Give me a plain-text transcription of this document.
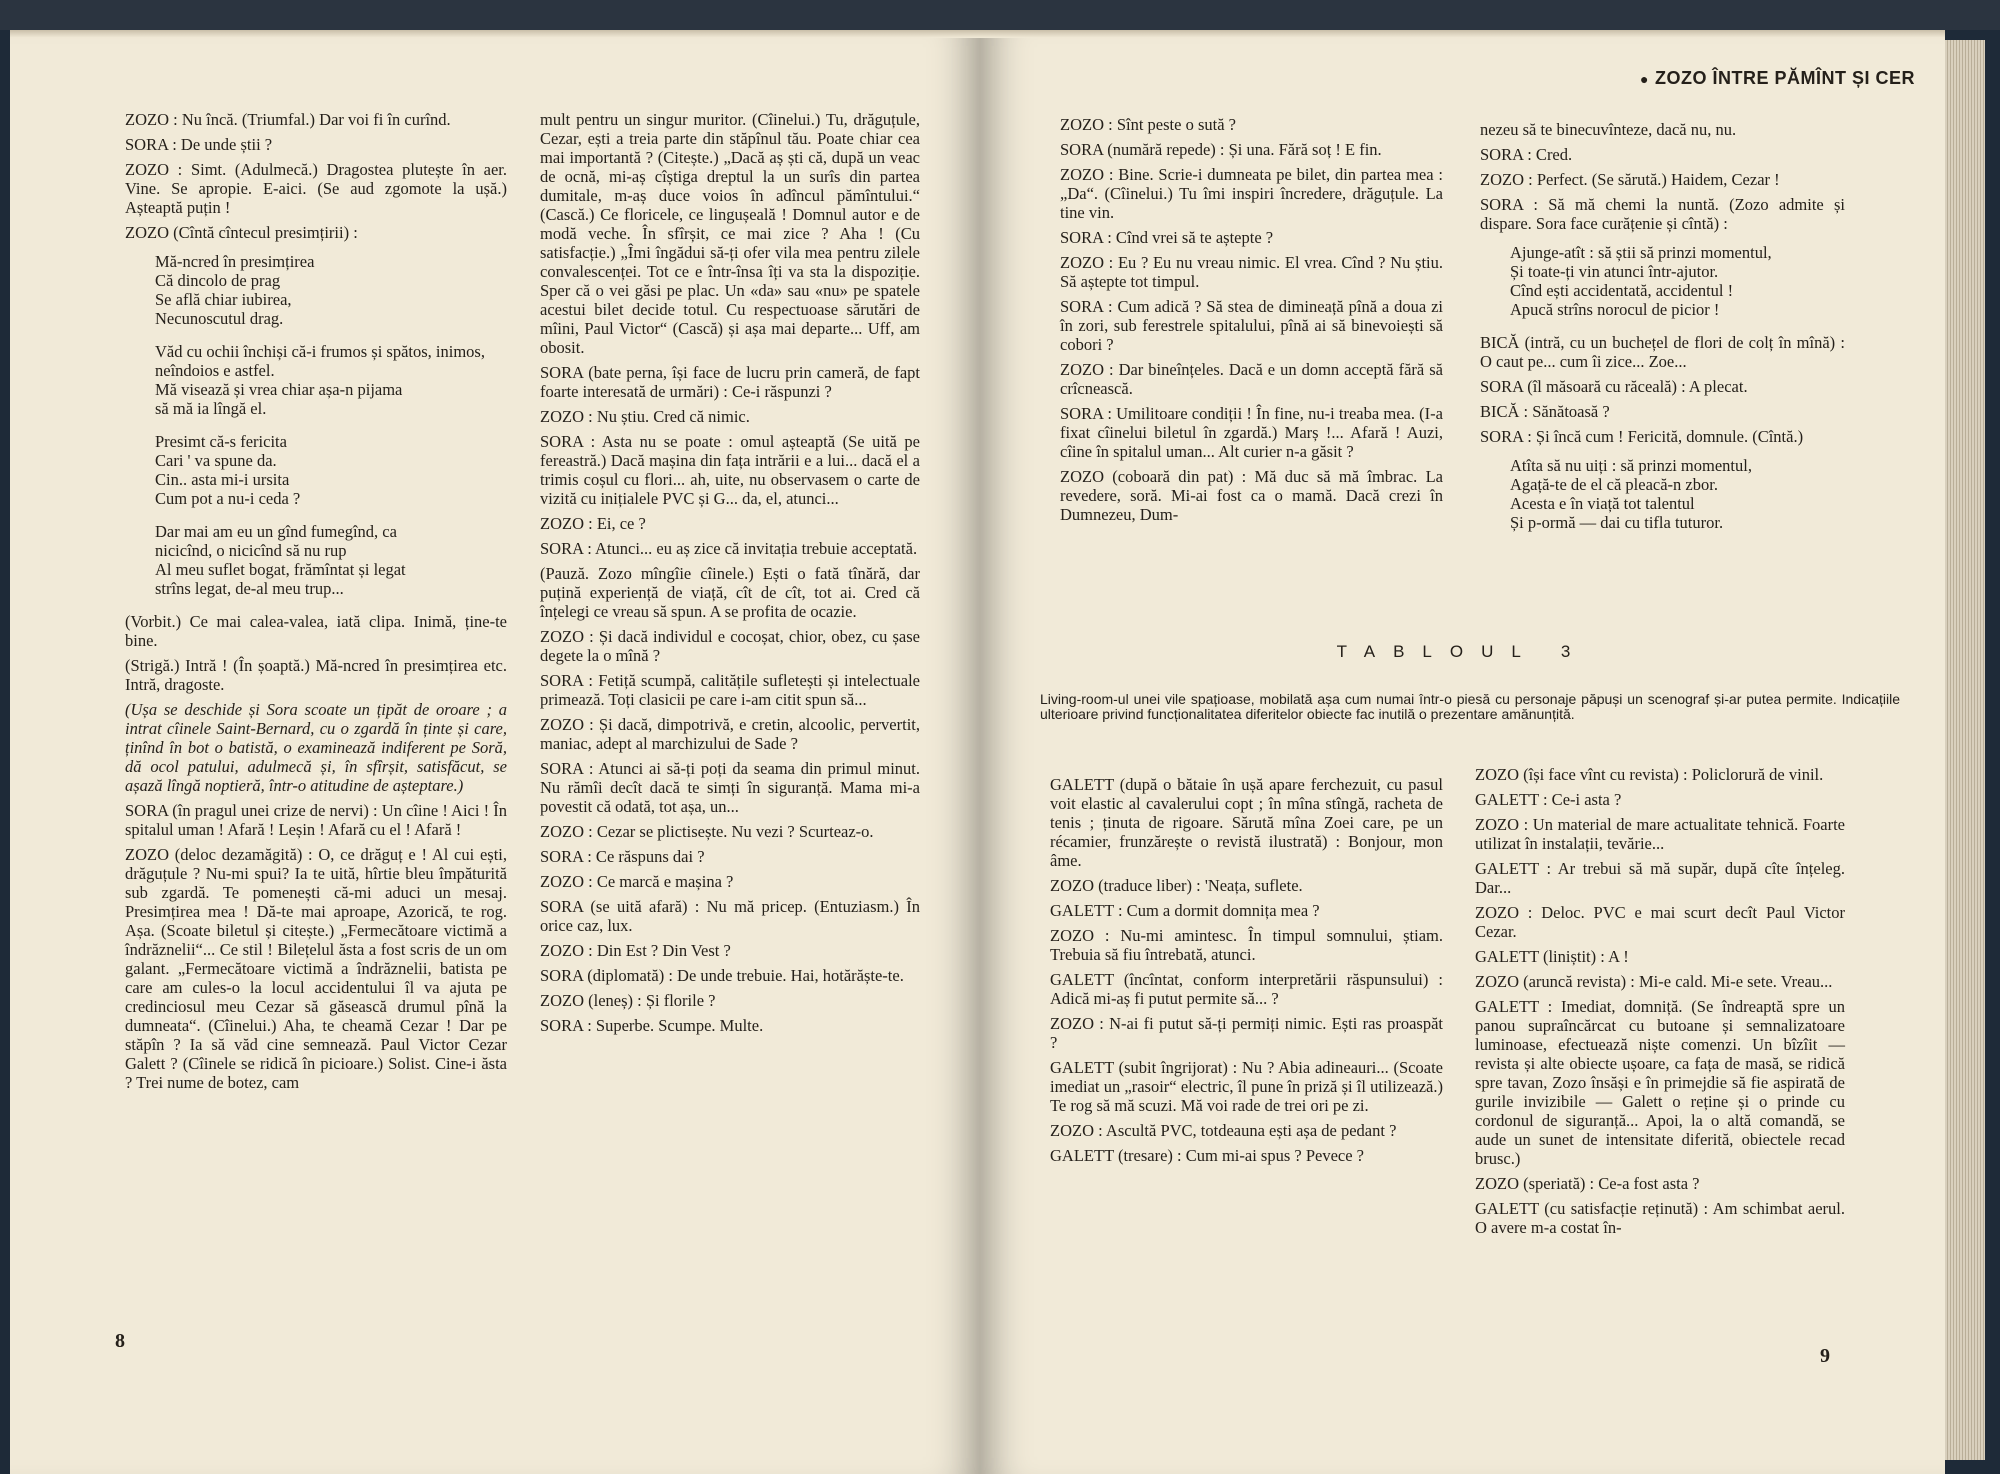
ZOZO : Nu încă. (Triumfal.) Dar voi fi în curînd.

SORA : De unde știi ?

ZOZO : Simt. (Adulmecă.) Dragostea plutește în aer. Vine. Se apropie. E-aici. (Se aud zgomote la ușă.) Așteaptă puțin !

ZOZO (Cîntă cîntecul presimțirii) :

Mă-ncred în presimțirea
Că dincolo de prag
Se află chiar iubirea,
Necunoscutul drag.
Văd cu ochii închiși că-i frumos și spătos, inimos, neîndoios e astfel.
Mă visează și vrea chiar așa-n pijama
să mă ia lîngă el.
Presimt că-s fericita
Cari ' va spune da.
Cin.. asta mi-i ursita
Cum pot a nu-i ceda ?
Dar mai am eu un gînd fumegînd, ca
nicicînd, o nicicînd să nu rup
Al meu suflet bogat, frămîntat și legat
strîns legat, de-al meu trup...

(Vorbit.) Ce mai calea-valea, iată clipa. Inimă, ține-te bine.

(Strigă.) Intră ! (În șoaptă.) Mă-ncred în presimțirea etc. Intră, dragoste.

(Ușa se deschide și Sora scoate un țipăt de oroare ; a intrat cîinele Saint-Bernard, cu o zgardă în ținte și care, ținînd în bot o batistă, o examinează indiferent pe Soră, dă ocol patului, adulmecă și, în sfîrșit, satisfăcut, se așază lîngă noptieră, într-o atitudine de așteptare.)

SORA (în pragul unei crize de nervi) : Un cîine ! Aici ! În spitalul uman ! Afară ! Leșin ! Afară cu el ! Afară !

ZOZO (deloc dezamăgită) : O, ce drăguț e ! Al cui ești, drăguțule ? Nu-mi spui? Ia te uită, hîrtie bleu împăturită sub zgardă. Te pomenești că-mi aduci un mesaj. Presimțirea mea ! Dă-te mai aproape, Azorică, te rog. Așa. (Scoate biletul și citește.) „Fermecătoare victimă a îndrăznelii“... Ce stil ! Bilețelul ăsta a fost scris de un om galant. „Fermecătoare victimă a îndrăznelii, batista pe care am cules-o la locul accidentului îl va ajuta pe credinciosul meu Cezar să găsească drumul pînă la dumneata“. (Cîinelui.) Aha, te cheamă Cezar ! Dar pe stăpîn ? Ia să văd cine semnează. Paul Victor Cezar Galett ? (Cîinele se ridică în picioare.) Solist. Cine-i ăsta ? Trei nume de botez, cam

mult pentru un singur muritor. (Cîinelui.) Tu, drăguțule, Cezar, ești a treia parte din stăpînul tău. Poate chiar cea mai importantă ? (Citește.) „Dacă aș ști că, după un veac de ocnă, mi-aș cîștiga dreptul la un surîs din partea dumitale, m-aș duce voios în adîncul pămîntului.“ (Cască.) Ce floricele, ce lingușeală ! Domnul autor e de modă veche. În sfîrșit, ce mai zice ? Aha ! (Cu satisfacție.) „Îmi îngădui să-ți ofer vila mea pentru zilele convalescenței. Tot ce e într-însa îți va sta la dispoziție. Sper că o vei găsi pe plac. Un «da» sau «nu» pe spatele acestui bilet decide totul. Cu respectuoase sărutări de mîini, Paul Victor“ (Cască) și așa mai departe... Uff, am obosit.

SORA (bate perna, își face de lucru prin cameră, de fapt foarte interesată de urmări) : Ce-i răspunzi ?

ZOZO : Nu știu. Cred că nimic.

SORA : Asta nu se poate : omul așteaptă (Se uită pe fereastră.) Dacă mașina din fața intrării e a lui... dacă el a trimis coșul cu flori... ah, uite, nu observasem o carte de vizită cu inițialele PVC și G... da, el, atunci...

ZOZO : Ei, ce ?

SORA : Atunci... eu aș zice că invitația trebuie acceptată.

(Pauză. Zozo mîngîie cîinele.) Ești o fată tînără, dar puțină experiență de viață, cît de cît, tot ai. Cred că înțelegi ce vreau să spun. A se profita de ocazie.

ZOZO : Și dacă individul e cocoșat, chior, obez, cu șase degete la o mînă ?

SORA : Fetiță scumpă, calitățile sufletești și intelectuale primează. Toți clasicii pe care i-am citit spun să...

ZOZO : Și dacă, dimpotrivă, e cretin, alcoolic, pervertit, maniac, adept al marchizului de Sade ?

SORA : Atunci ai să-ți poți da seama din primul minut. Nu rămîi decît dacă te simți în siguranță. Mama mi-a povestit că odată, tot așa, un...

ZOZO : Cezar se plictisește. Nu vezi ? Scurteaz-o.

SORA : Ce răspuns dai ?

ZOZO : Ce marcă e mașina ?

SORA (se uită afară) : Nu mă pricep. (Entuziasm.) În orice caz, lux.

ZOZO : Din Est ? Din Vest ?

SORA (diplomată) : De unde trebuie. Hai, hotărăște-te.

ZOZO (leneș) : Și florile ?

SORA : Superbe. Scumpe. Multe.

8
● ZOZO ÎNTRE PĂMÎNT ȘI CER

ZOZO : Sînt peste o sută ?

SORA (numără repede) : Și una. Fără soț ! E fin.

ZOZO : Bine. Scrie-i dumneata pe bilet, din partea mea : „Da“. (Cîinelui.) Tu îmi inspiri încredere, drăguțule. La tine vin.

SORA : Cînd vrei să te aștepte ?

ZOZO : Eu ? Eu nu vreau nimic. El vrea. Cînd ? Nu știu. Să aștepte tot timpul.

SORA : Cum adică ? Să stea de dimineață pînă a doua zi în zori, sub ferestrele spitalului, pînă ai să binevoiești să cobori ?

ZOZO : Dar bineînțeles. Dacă e un domn acceptă fără să crîcnească.

SORA : Umilitoare condiții ! În fine, nu-i treaba mea. (I-a fixat cîinelui biletul în zgardă.) Marș !... Afară ! Auzi, cîine în spitalul uman... Alt curier n-a găsit ?

ZOZO (coboară din pat) : Mă duc să mă îmbrac. La revedere, soră. Mi-ai fost ca o mamă. Dacă crezi în Dumnezeu, Dum-

nezeu să te binecuvînteze, dacă nu, nu.

SORA : Cred.

ZOZO : Perfect. (Se sărută.) Haidem, Cezar !

SORA : Să mă chemi la nuntă. (Zozo admite și dispare. Sora face curățenie și cîntă) :

Ajunge-atît : să știi să prinzi momentul,
Și toate-ți vin atunci într-ajutor.
Cînd ești accidentată, accidentul !
Apucă strîns norocul de picior !

BICĂ (intră, cu un buchețel de flori de colț în mînă) : O caut pe... cum îi zice... Zoe...

SORA (îl măsoară cu răceală) : A plecat.

BICĂ : Sănătoasă ?

SORA : Și încă cum ! Fericită, domnule. (Cîntă.)

Atîta să nu uiți : să prinzi momentul,
Agață-te de el că pleacă-n zbor.
Acesta e în viață tot talentul
Și p-ormă — dai cu tifla tuturor.
TABLOUL 3
Living-room-ul unei vile spațioase, mobilată așa cum numai într-o piesă cu personaje păpuși un scenograf și-ar putea permite. Indicațiile ulterioare privind funcționalitatea diferitelor obiecte fac inutilă o prezentare amănunțită.

GALETT (după o bătaie în ușă apare ferchezuit, cu pasul voit elastic al cavalerului copt ; în mîna stîngă, racheta de tenis ; ținuta de rigoare. Sărută mîna Zoei care, pe un récamier, frunzărește o revistă ilustrată) : Bonjour, mon âme.

ZOZO (traduce liber) : 'Neața, suflete.

GALETT : Cum a dormit domnița mea ?

ZOZO : Nu-mi amintesc. În timpul somnului, știam. Trebuia să fiu întrebată, atunci.

GALETT (încîntat, conform interpretării răspunsului) : Adică mi-aș fi putut permite să... ?

ZOZO : N-ai fi putut să-ți permiți nimic. Ești ras proaspăt ?

GALETT (subit îngrijorat) : Nu ? Abia adineauri... (Scoate imediat un „rasoir“ electric, îl pune în priză și îl utilizează.) Te rog să mă scuzi. Mă voi rade de trei ori pe zi.

ZOZO : Ascultă PVC, totdeauna ești așa de pedant ?

GALETT (tresare) : Cum mi-ai spus ? Pevece ?

ZOZO (își face vînt cu revista) : Policlorură de vinil.

GALETT : Ce-i asta ?

ZOZO : Un material de mare actualitate tehnică. Foarte utilizat în instalații, tevărie...

GALETT : Ar trebui să mă supăr, după cîte înțeleg. Dar...

ZOZO : Deloc. PVC e mai scurt decît Paul Victor Cezar.

GALETT (liniștit) : A !

ZOZO (aruncă revista) : Mi-e cald. Mi-e sete. Vreau...

GALETT : Imediat, domniță. (Se îndreaptă spre un panou supraîncărcat cu butoane și semnalizatoare luminoase, efectuează niște comenzi. Un bîzîit — revista și alte obiecte ușoare, ca fața de masă, se ridică spre tavan, Zozo însăși e în primejdie să fie aspirată de gurile invizibile — Galett o reține și o prinde cu cordonul de siguranță... Apoi, la o altă comandă, se aude un sunet de intensitate diferită, obiectele recad brusc.)

ZOZO (speriată) : Ce-a fost asta ?

GALETT (cu satisfacție reținută) : Am schimbat aerul. O avere m-a costat în-

9
